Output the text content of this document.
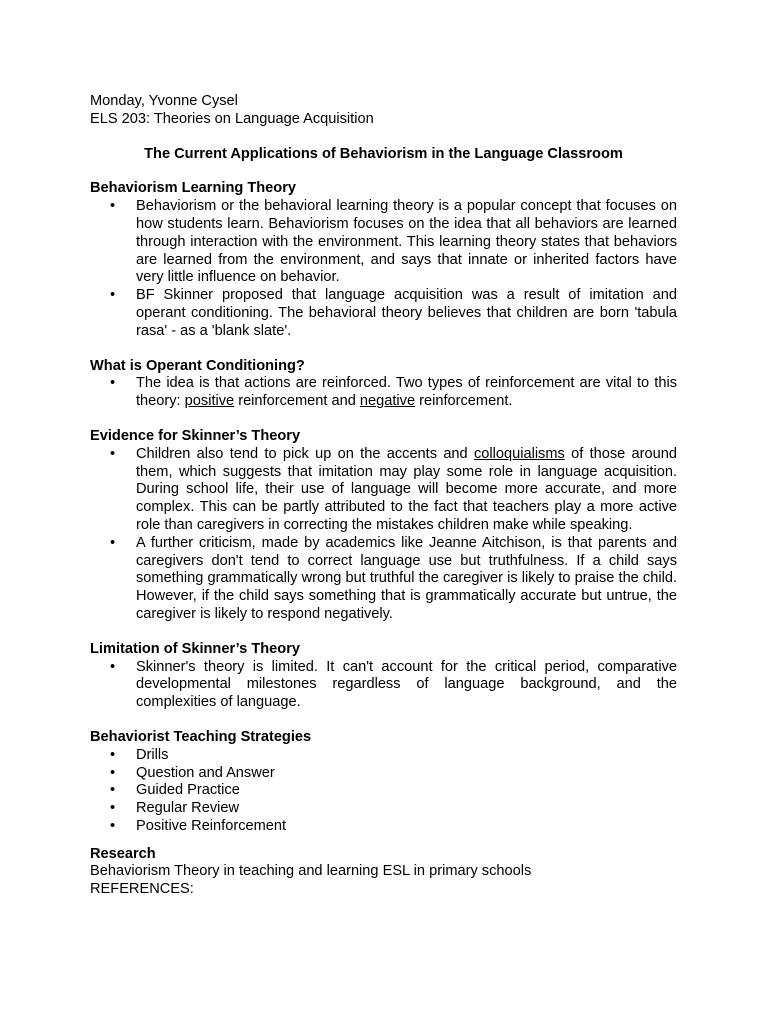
Monday, Yvonne Cysel
ELS 203: Theories on Language Acquisition
The Current Applications of Behaviorism in the Language Classroom
Behaviorism Learning Theory
• Behaviorism or the behavioral learning theory is a popular concept that focuses on how students learn. Behaviorism focuses on the idea that all behaviors are learned through interaction with the environment. This learning theory states that behaviors are learned from the environment, and says that innate or inherited factors have very little influence on behavior.
• BF Skinner proposed that language acquisition was a result of imitation and operant conditioning. The behavioral theory believes that children are born 'tabula rasa' - as a 'blank slate'.
What is Operant Conditioning?
• The idea is that actions are reinforced. Two types of reinforcement are vital to this theory: positive reinforcement and negative reinforcement.
Evidence for Skinner’s Theory
• Children also tend to pick up on the accents and colloquialisms of those around them, which suggests that imitation may play some role in language acquisition. During school life, their use of language will become more accurate, and more complex. This can be partly attributed to the fact that teachers play a more active role than caregivers in correcting the mistakes children make while speaking.
• A further criticism, made by academics like Jeanne Aitchison, is that parents and caregivers don't tend to correct language use but truthfulness. If a child says something grammatically wrong but truthful the caregiver is likely to praise the child. However, if the child says something that is grammatically accurate but untrue, the caregiver is likely to respond negatively.
Limitation of Skinner’s Theory
• Skinner's theory is limited. It can't account for the critical period, comparative developmental milestones regardless of language background, and the complexities of language.
Behaviorist Teaching Strategies
• Drills
• Question and Answer
• Guided Practice
• Regular Review
• Positive Reinforcement
Research
Behaviorism Theory in teaching and learning ESL in primary schools
REFERENCES:
